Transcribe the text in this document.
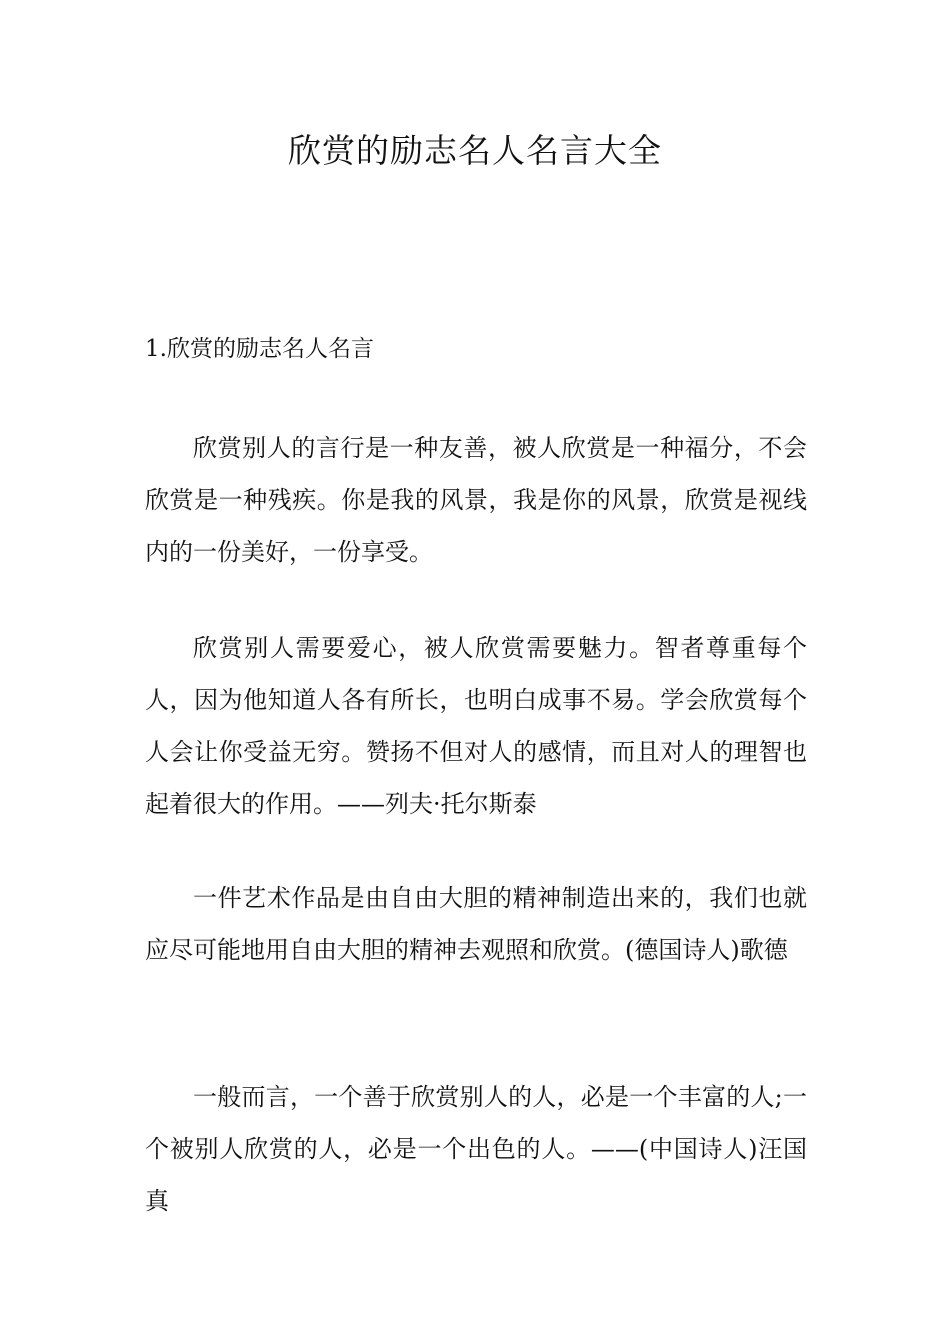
欣赏的励志名人名言大全
1.欣赏的励志名人名言

欣赏别人的言行是一种友善，被人欣赏是一种福分，不会欣赏是一种残疾。你是我的风景，我是你的风景，欣赏是视线内的一份美好，一份享受。

欣赏别人需要爱心，被人欣赏需要魅力。智者尊重每个人，因为他知道人各有所长，也明白成事不易。学会欣赏每个人会让你受益无穷。赞扬不但对人的感情，而且对人的理智也起着很大的作用。——列夫·托尔斯泰

一件艺术作品是由自由大胆的精神制造出来的，我们也就应尽可能地用自由大胆的精神去观照和欣赏。(德国诗人)歌德

一般而言，一个善于欣赏别人的人，必是一个丰富的人;一个被别人欣赏的人，必是一个出色的人。——(中国诗人)汪国真
